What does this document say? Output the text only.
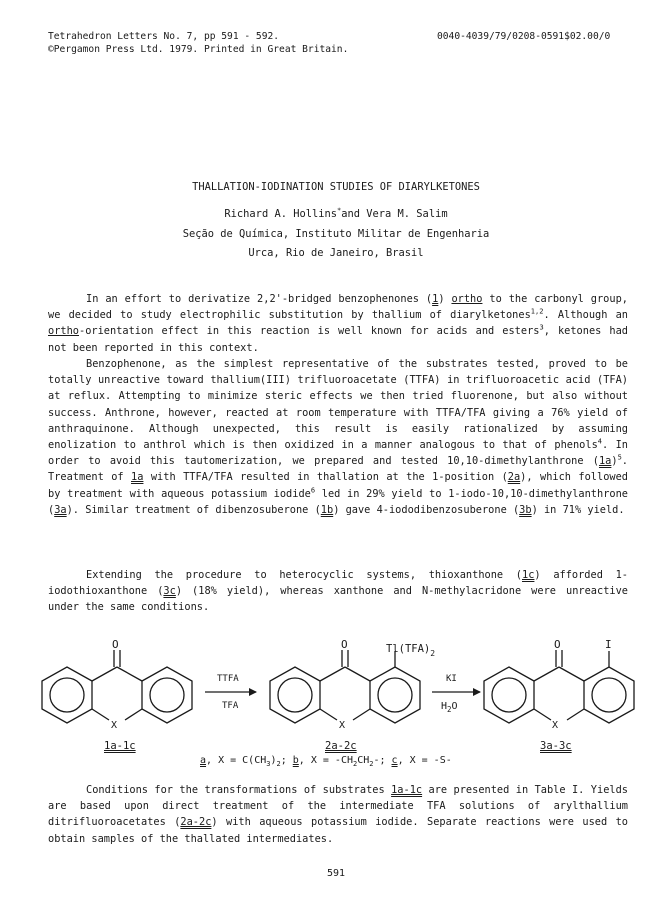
Tetrahedron Letters No. 7, pp 591 - 592.
©Pergamon Press Ltd. 1979. Printed in Great Britain.
0040-4039/79/0208-0591$02.00/0
THALLATION-IODINATION STUDIES OF DIARYLKETONES
Richard A. Hollins*and Vera M. Salim
Seção de Química, Instituto Militar de Engenharia
Urca, Rio de Janeiro, Brasil

In an effort to derivatize 2,2'-bridged benzophenones (1) ortho to the carbonyl group, we decided to study electrophilic substitution by thallium of diarylketones$^{1,2}$. Although an ortho-orientation effect in this reaction is well known for acids and esters$^3$, ketones had not been reported in this context.

Benzophenone, as the simplest representative of the substrates tested, proved to be totally unreactive toward thallium(III) trifluoroacetate (TTFA) in trifluoroacetic acid (TFA) at reflux. Attempting to minimize steric effects we then tried fluorenone, but also without success. Anthrone, however, reacted at room temperature with TTFA/TFA giving a 76% yield of anthraquinone. Although unexpected, this result is easily rationalized by assuming enolization to anthrol which is then oxidized in a manner analogous to that of phenols$^4$. In order to avoid this tautomerization, we prepared and tested 10,10-dimethylanthrone $(1a)^5$. Treatment of 1a with TTFA/TFA resulted in thallation at the 1-position (2a), which followed by treatment with aqueous potassium iodide$^6$ led in 29% yield to 1-iodo-10,10-dimethylanthrone (3a). Similar treatment of dibenzosuberone (1b) gave 4-iododibenzosuberone (3b) in 71% yield.

Extending the procedure to heterocyclic systems, thioxanthone (1c) afforded 1-iodothioxanthone (3c) (18% yield), whereas xanthone and N-methylacridone were unreactive under the same conditions.

O
X
TTFA
TFA
O
X
$Tl(TFA)_2$
KI
$H_2O$
O	I
X
1a-1c	2a-2c	3a-3c
a, $X = C(CH_3)_2$; b, $X = -CH_2CH_2-$; c, X = -S-

Conditions for the transformations of substrates 1a-1c are presented in Table I. Yields are based upon direct treatment of the intermediate TFA solutions of arylthallium ditrifluoroacetates (2a-2c) with aqueous potassium iodide. Separate reactions were used to obtain samples of the thallated intermediates.

591
